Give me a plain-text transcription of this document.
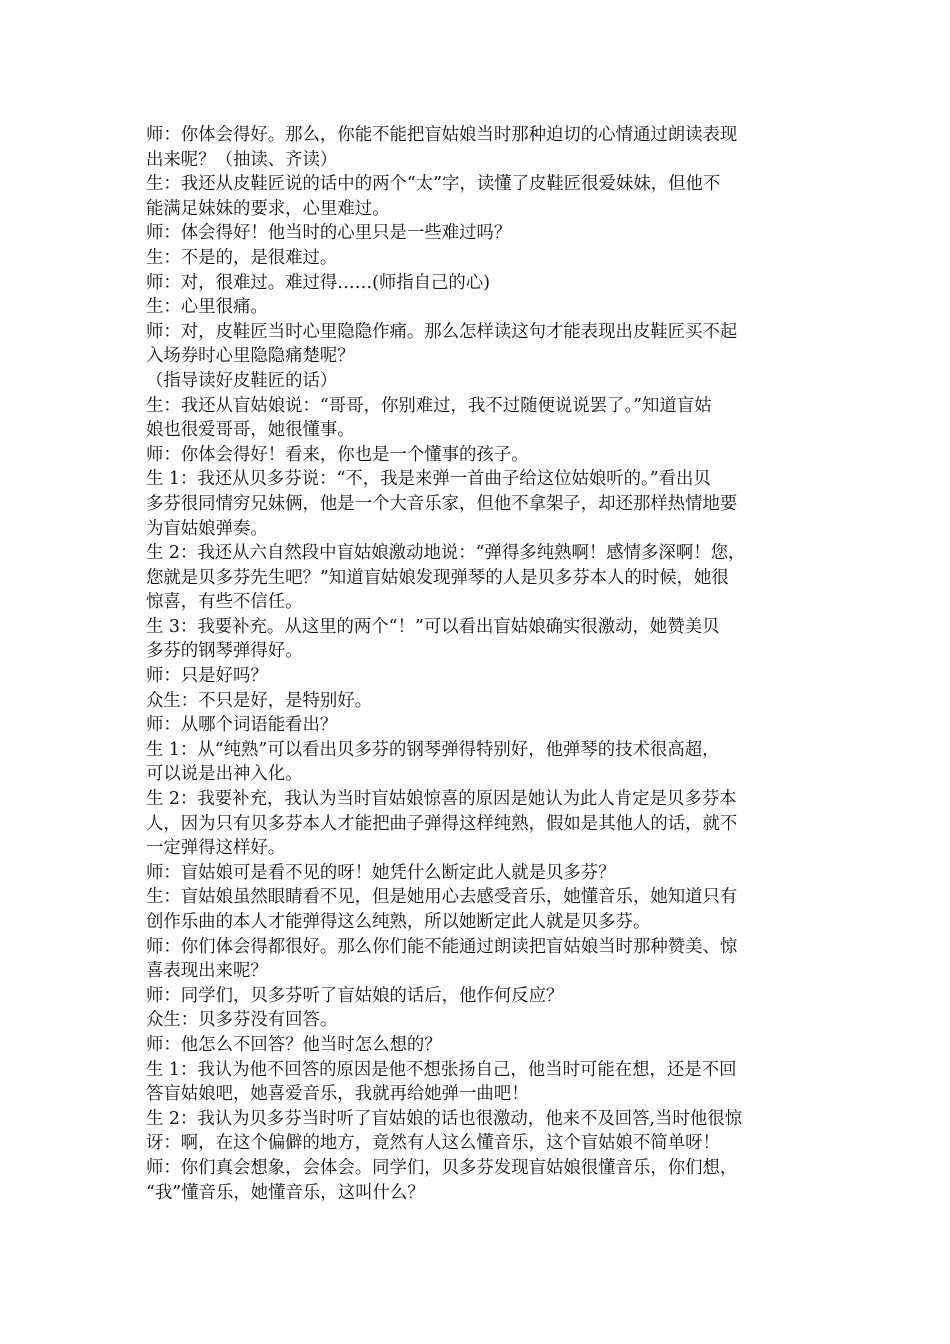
师：你体会得好。那么，你能不能把盲姑娘当时那种迫切的心情通过朗读表现
出来呢？（抽读、齐读）
生：我还从皮鞋匠说的话中的两个“太”字，读懂了皮鞋匠很爱妹妹，但他不
能满足妹妹的要求，心里难过。
师：体会得好！他当时的心里只是一些难过吗？
生：不是的，是很难过。
师：对，很难过。难过得……(师指自己的心)
生：心里很痛。
师：对，皮鞋匠当时心里隐隐作痛。那么怎样读这句才能表现出皮鞋匠买不起
入场券时心里隐隐痛楚呢？
（指导读好皮鞋匠的话）
生：我还从盲姑娘说：“哥哥，你别难过，我不过随便说说罢了。”知道盲姑
娘也很爱哥哥，她很懂事。
师：你体会得好！看来，你也是一个懂事的孩子。
生 1：我还从贝多芬说：“不，我是来弹一首曲子给这位姑娘听的。”看出贝
多芬很同情穷兄妹俩，他是一个大音乐家，但他不拿架子，却还那样热情地要
为盲姑娘弹奏。
生 2：我还从六自然段中盲姑娘激动地说：“弹得多纯熟啊！感情多深啊！您，
您就是贝多芬先生吧？”知道盲姑娘发现弹琴的人是贝多芬本人的时候，她很
惊喜，有些不信任。
生 3：我要补充。从这里的两个“！”可以看出盲姑娘确实很激动，她赞美贝
多芬的钢琴弹得好。
师：只是好吗？
众生：不只是好，是特别好。
师：从哪个词语能看出？
生 1：从“纯熟”可以看出贝多芬的钢琴弹得特别好，他弹琴的技术很高超，
可以说是出神入化。
生 2：我要补充，我认为当时盲姑娘惊喜的原因是她认为此人肯定是贝多芬本
人，因为只有贝多芬本人才能把曲子弹得这样纯熟，假如是其他人的话，就不
一定弹得这样好。
师：盲姑娘可是看不见的呀！她凭什么断定此人就是贝多芬？
生：盲姑娘虽然眼睛看不见，但是她用心去感受音乐，她懂音乐，她知道只有
创作乐曲的本人才能弹得这么纯熟，所以她断定此人就是贝多芬。
师：你们体会得都很好。那么你们能不能通过朗读把盲姑娘当时那种赞美、惊
喜表现出来呢？
师：同学们，贝多芬听了盲姑娘的话后，他作何反应？
众生：贝多芬没有回答。
师：他怎么不回答？他当时怎么想的？
生 1：我认为他不回答的原因是他不想张扬自己，他当时可能在想，还是不回
答盲姑娘吧，她喜爱音乐，我就再给她弹一曲吧！
生 2：我认为贝多芬当时听了盲姑娘的话也很激动，他来不及回答,当时他很惊
讶：啊，在这个偏僻的地方，竟然有人这么懂音乐，这个盲姑娘不简单呀！
师：你们真会想象，会体会。同学们，贝多芬发现盲姑娘很懂音乐，你们想，
“我”懂音乐，她懂音乐，这叫什么？
